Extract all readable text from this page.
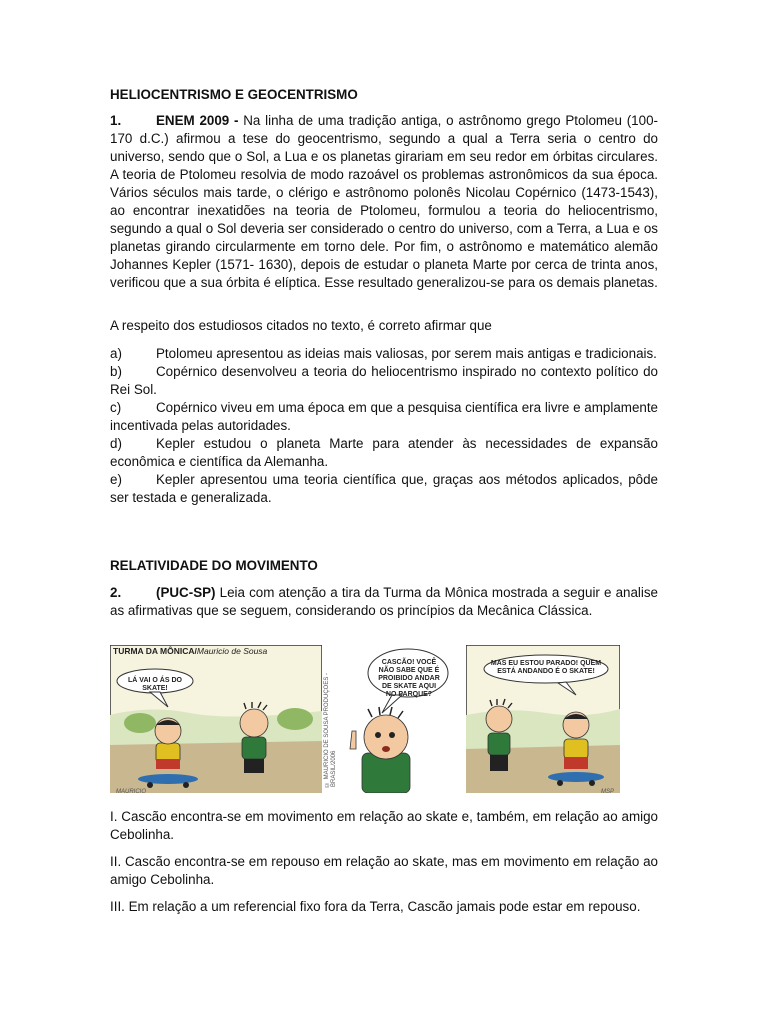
HELIOCENTRISMO E GEOCENTRISMO

1.	ENEM 2009 - Na linha de uma tradição antiga, o astrônomo grego Ptolomeu (100-170 d.C.) afirmou a tese do geocentrismo, segundo a qual a Terra seria o centro do universo, sendo que o Sol, a Lua e os planetas girariam em seu redor em órbitas circulares. A teoria de Ptolomeu resolvia de modo razoável os problemas astronômicos da sua época. Vários séculos mais tarde, o clérigo e astrônomo polonês Nicolau Copérnico (1473-1543), ao encontrar inexatidões na teoria de Ptolomeu, formulou a teoria do heliocentrismo, segundo a qual o Sol deveria ser considerado o centro do universo, com a Terra, a Lua e os planetas girando circularmente em torno dele. Por fim, o astrônomo e matemático alemão Johannes Kepler (1571- 1630), depois de estudar o planeta Marte por cerca de trinta anos, verificou que a sua órbita é elíptica. Esse resultado generalizou-se para os demais planetas.

A respeito dos estudiosos citados no texto, é correto afirmar que

a)	Ptolomeu apresentou as ideias mais valiosas, por serem mais antigas e tradicionais.
b)	Copérnico desenvolveu a teoria do heliocentrismo inspirado no contexto político do Rei Sol.
c)	Copérnico viveu em uma época em que a pesquisa científica era livre e amplamente incentivada pelas autoridades.
d)	Kepler estudou o planeta Marte para atender às necessidades de expansão econômica e científica da Alemanha.
e)	Kepler apresentou uma teoria científica que, graças aos métodos aplicados, pôde ser testada e generalizada.
RELATIVIDADE DO MOVIMENTO

2.	(PUC-SP) Leia com atenção a tira da Turma da Mônica mostrada a seguir e analise as afirmativas que se seguem, considerando os princípios da Mecânica Clássica.

TURMA DA MÔNICA/Mauricio de Sousa
LÁ VAI O ÁS DO SKATE!
MAURICIO
CASCÃO! VOCÊ NÃO SABE QUE É PROIBIDO ANDAR DE SKATE AQUI NO PARQUE?
© MAURICIO DE SOUSA PRODUÇÕES - BRASIL/2006
MAS EU ESTOU PARADO! QUEM ESTÁ ANDANDO É O SKATE!
MSP

I. Cascão encontra-se em movimento em relação ao skate e, também, em relação ao amigo Cebolinha.

II. Cascão encontra-se em repouso em relação ao skate, mas em movimento em relação ao amigo Cebolinha.

III. Em relação a um referencial fixo fora da Terra, Cascão jamais pode estar em repouso.
